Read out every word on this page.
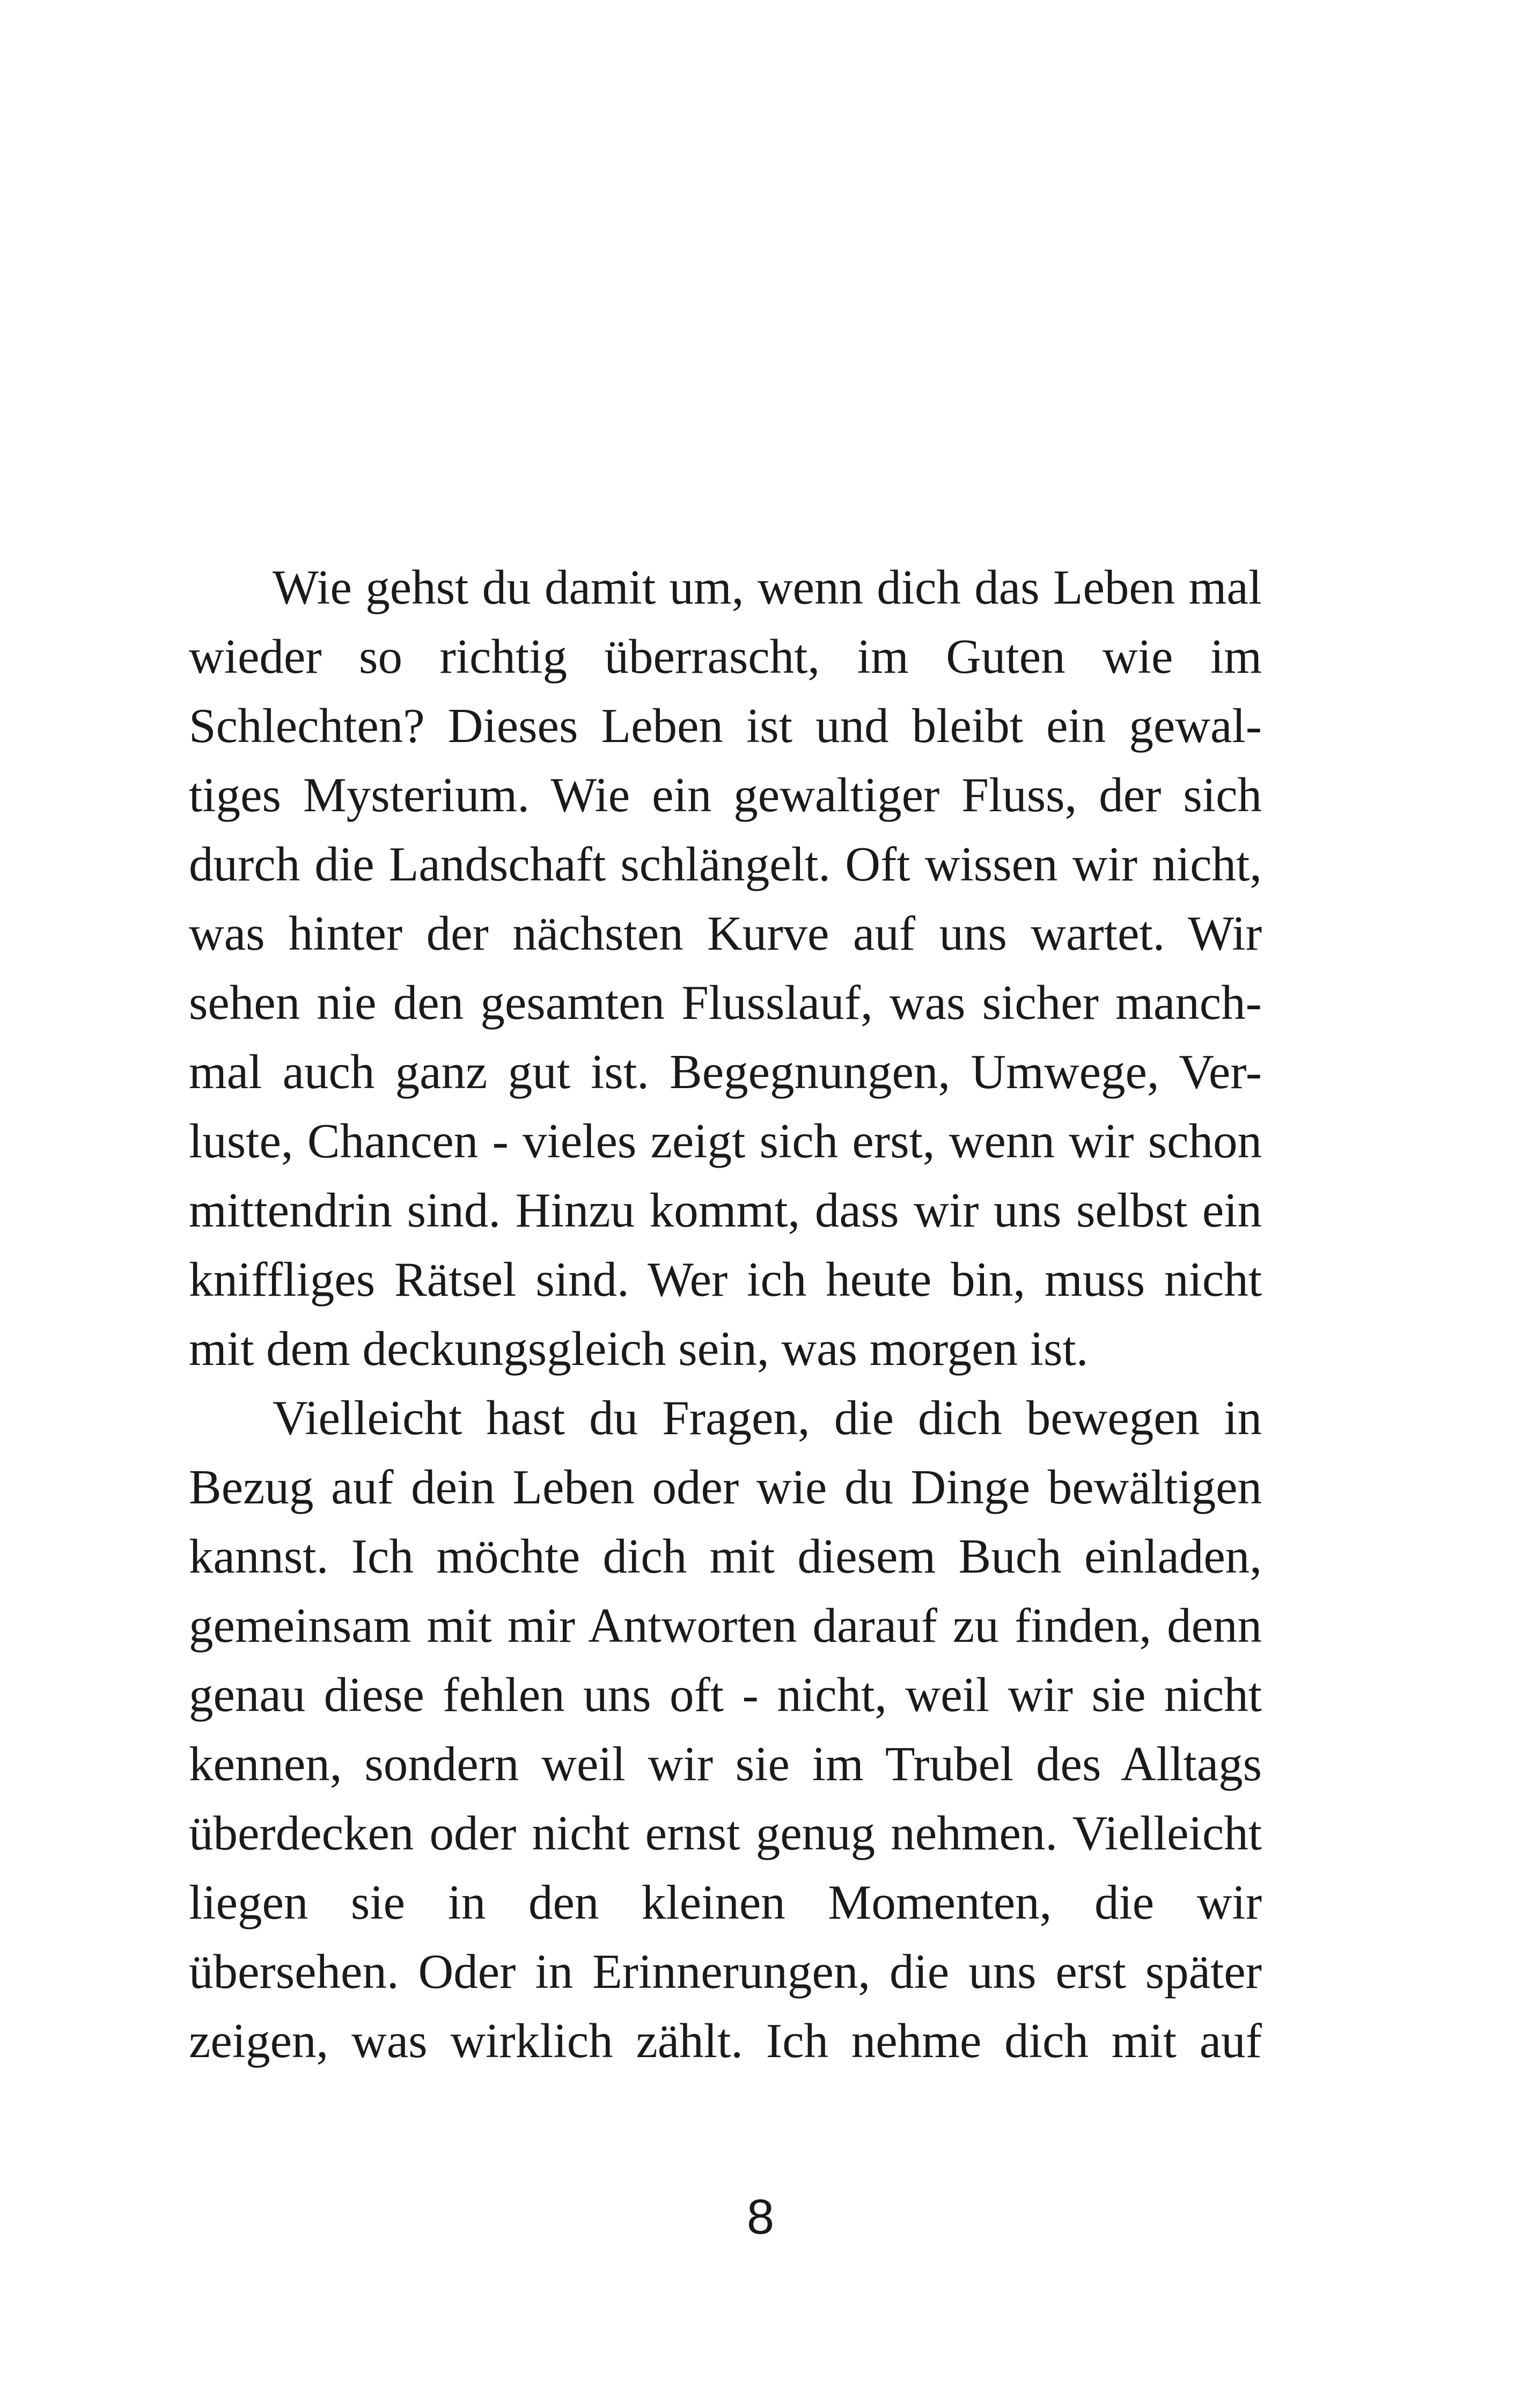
Wie gehst du damit um, wenn dich das Leben mal
wieder so richtig überrascht, im Guten wie im
Schlechten? Dieses Leben ist und bleibt ein gewal-
tiges Mysterium. Wie ein gewaltiger Fluss, der sich
durch die Landschaft schlängelt. Oft wissen wir nicht,
was hinter der nächsten Kurve auf uns wartet. Wir
sehen nie den gesamten Flusslauf, was sicher manch-
mal auch ganz gut ist. Begegnungen, Umwege, Ver-
luste, Chancen - vieles zeigt sich erst, wenn wir schon
mittendrin sind. Hinzu kommt, dass wir uns selbst ein
kniffliges Rätsel sind. Wer ich heute bin, muss nicht
mit dem deckungsgleich sein, was morgen ist.
Vielleicht hast du Fragen, die dich bewegen in
Bezug auf dein Leben oder wie du Dinge bewältigen
kannst. Ich möchte dich mit diesem Buch einladen,
gemeinsam mit mir Antworten darauf zu finden, denn
genau diese fehlen uns oft - nicht, weil wir sie nicht
kennen, sondern weil wir sie im Trubel des Alltags
überdecken oder nicht ernst genug nehmen. Vielleicht
liegen sie in den kleinen Momenten, die wir
übersehen. Oder in Erinnerungen, die uns erst später
zeigen, was wirklich zählt. Ich nehme dich mit auf
8
